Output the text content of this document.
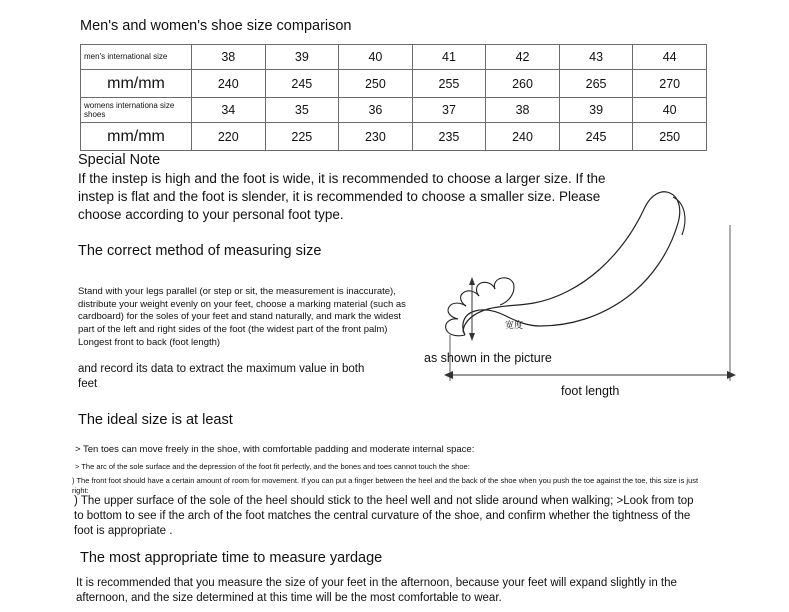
Men's and women's shoe size comparison
men's international size	38	39	40	41	42	43	44
mm/mm	240	245	250	255	260	265	270
womens internationa size shoes	34	35	36	37	38	39	40
mm/mm	220	225	230	235	240	245	250
Special Note
If the instep is high and the foot is wide, it is recommended to choose a larger size. If the instep is flat and the foot is slender, it is recommended to choose a smaller size. Please choose according to your personal foot type.
The correct method of measuring size
Stand with your legs parallel (or step or sit, the measurement is inaccurate), distribute your weight evenly on your feet, choose a marking material (such as cardboard) for the soles of your feet and stand naturally, and mark the widest part of the left and right sides of the foot (the widest part of the front palm) Longest front to back (foot length)
and record its data to extract the maximum value in both feet
宽度
as shown in the picture
foot length
The ideal size is at least
> Ten toes can move freely in the shoe, with comfortable padding and moderate internal space:
> The arc of the sole surface and the depression of the foot fit perfectly, and the bones and toes cannot touch the shoe:
) The front foot should have a certain amount of room for movement. If you can put a finger between the heel and the back of the shoe when you push the toe against the toe, this size is just right:
) The upper surface of the sole of the heel should stick to the heel well and not slide around when walking; >Look from top to bottom to see if the arch of the foot matches the central curvature of the shoe, and confirm whether the tightness of the foot is appropriate .
The most appropriate time to measure yardage
It is recommended that you measure the size of your feet in the afternoon, because your feet will expand slightly in the afternoon, and the size determined at this time will be the most comfortable to wear.
